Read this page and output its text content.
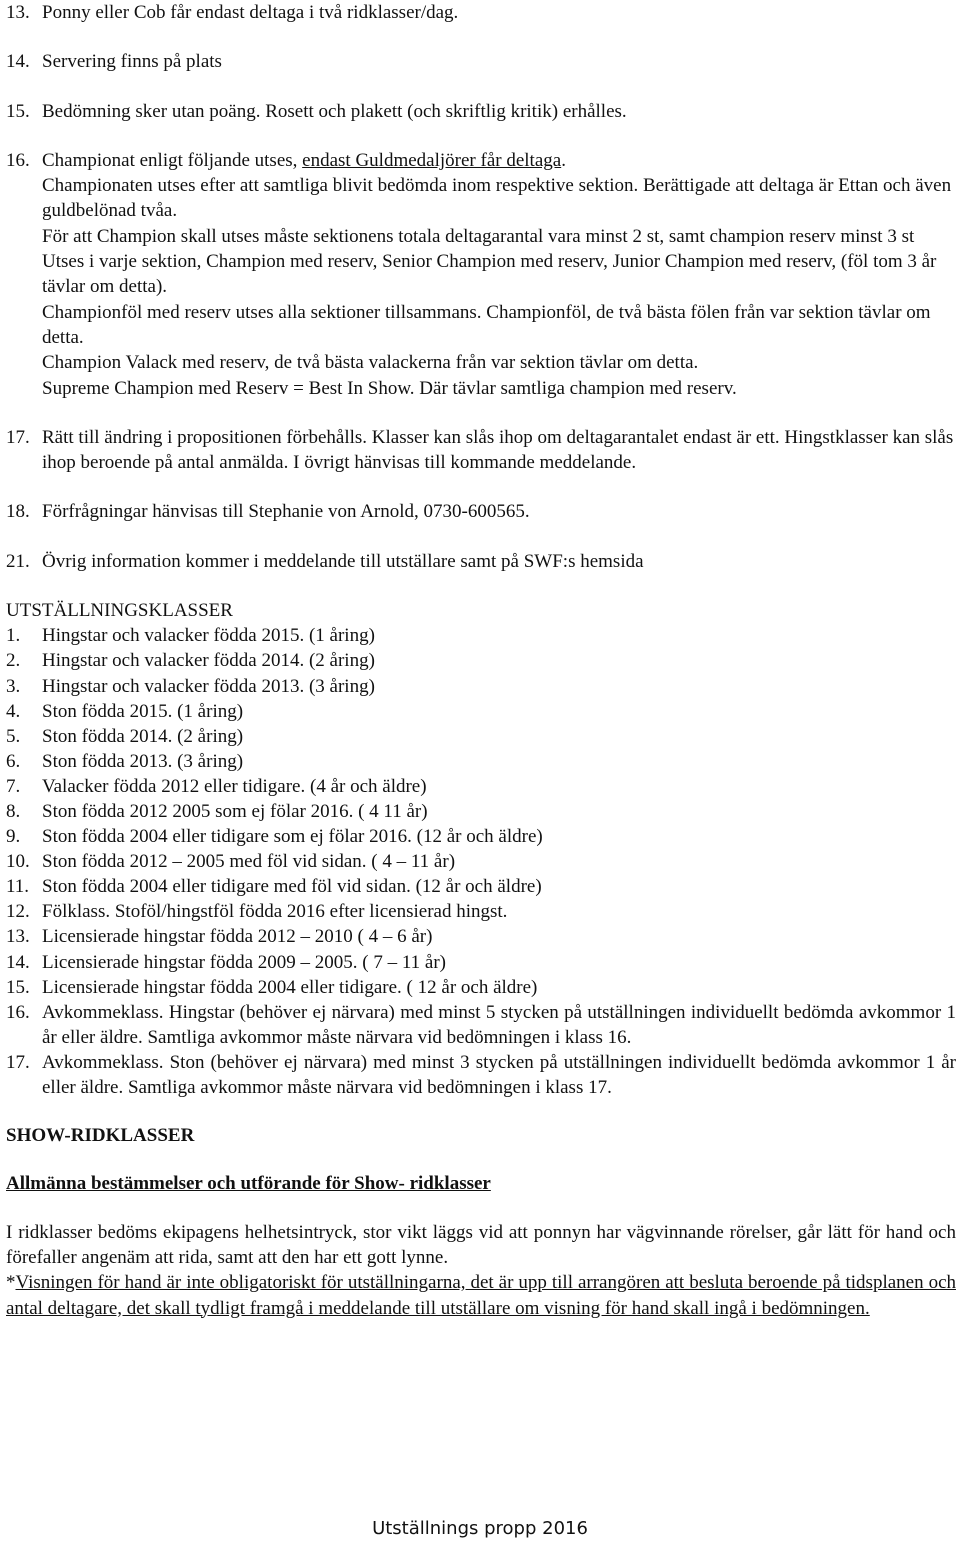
13. Ponny eller Cob får endast deltaga i två ridklasser/dag.
14. Servering finns på plats
15. Bedömning sker utan poäng. Rosett och plakett (och skriftlig kritik) erhålles.
16. Championat enligt följande utses, endast Guldmedaljörer får deltaga.
Championaten utses efter att samtliga blivit bedömda inom respektive sektion. Berättigade att deltaga är Ettan och även guldbelönad tvåa.
För att Champion skall utses måste sektionens totala deltagarantal vara minst 2 st, samt champion reserv minst 3 st
Utses i varje sektion, Champion med reserv, Senior Champion med reserv, Junior Champion med reserv, (föl tom 3 år tävlar om detta).
Championföl med reserv utses alla sektioner tillsammans. Championföl, de två bästa fölen från var sektion tävlar om detta.
Champion Valack med reserv, de två bästa valackerna från var sektion tävlar om detta.
Supreme Champion med Reserv = Best In Show. Där tävlar samtliga champion med reserv.
17. Rätt till ändring i propositionen förbehålls. Klasser kan slås ihop om deltagarantalet endast är ett. Hingstklasser kan slås ihop beroende på antal anmälda. I övrigt hänvisas till kommande meddelande.
18. Förfrågningar hänvisas till Stephanie von Arnold, 0730-600565.
21. Övrig information kommer i meddelande till utställare samt på SWF:s hemsida
UTSTÄLLNINGSKLASSER
1. Hingstar och valacker födda 2015. (1 åring)
2. Hingstar och valacker födda 2014. (2 åring)
3. Hingstar och valacker födda 2013. (3 åring)
4. Ston födda 2015. (1 åring)
5. Ston födda 2014. (2 åring)
6. Ston födda 2013. (3 åring)
7. Valacker födda 2012 eller tidigare. (4 år och äldre)
8. Ston födda 2012 2005 som ej fölar 2016. ( 4 11 år)
9. Ston födda 2004 eller tidigare som ej fölar 2016. (12 år och äldre)
10. Ston födda 2012 – 2005 med föl vid sidan. ( 4 – 11 år)
11. Ston födda 2004 eller tidigare med föl vid sidan. (12 år och äldre)
12. Fölklass. Stoföl/hingstföl födda 2016 efter licensierad hingst.
13. Licensierade hingstar födda 2012 – 2010 ( 4 – 6 år)
14. Licensierade hingstar födda 2009 – 2005. ( 7 – 11 år)
15. Licensierade hingstar födda 2004 eller tidigare. ( 12 år och äldre)
16. Avkommeklass. Hingstar (behöver ej närvara) med minst 5 stycken på utställningen individuellt bedömda avkommor 1 år eller äldre. Samtliga avkommor måste närvara vid bedömningen i klass 16.
17. Avkommeklass. Ston (behöver ej närvara) med minst 3 stycken på utställningen individuellt bedömda avkommor 1 år eller äldre. Samtliga avkommor måste närvara vid bedömningen i klass 17.
SHOW-RIDKLASSER
Allmänna bestämmelser och utförande för Show- ridklasser
I ridklasser bedöms ekipagens helhetsintryck, stor vikt läggs vid att ponnyn har vägvinnande rörelser, går lätt för hand och förefaller angenäm att rida, samt att den har ett gott lynne.
*Visningen för hand är inte obligatoriskt för utställningarna, det är upp till arrangören att besluta beroende på tidsplanen och antal deltagare, det skall tydligt framgå i meddelande till utställare om visning för hand skall ingå i bedömningen.
Utställnings propp 2016
